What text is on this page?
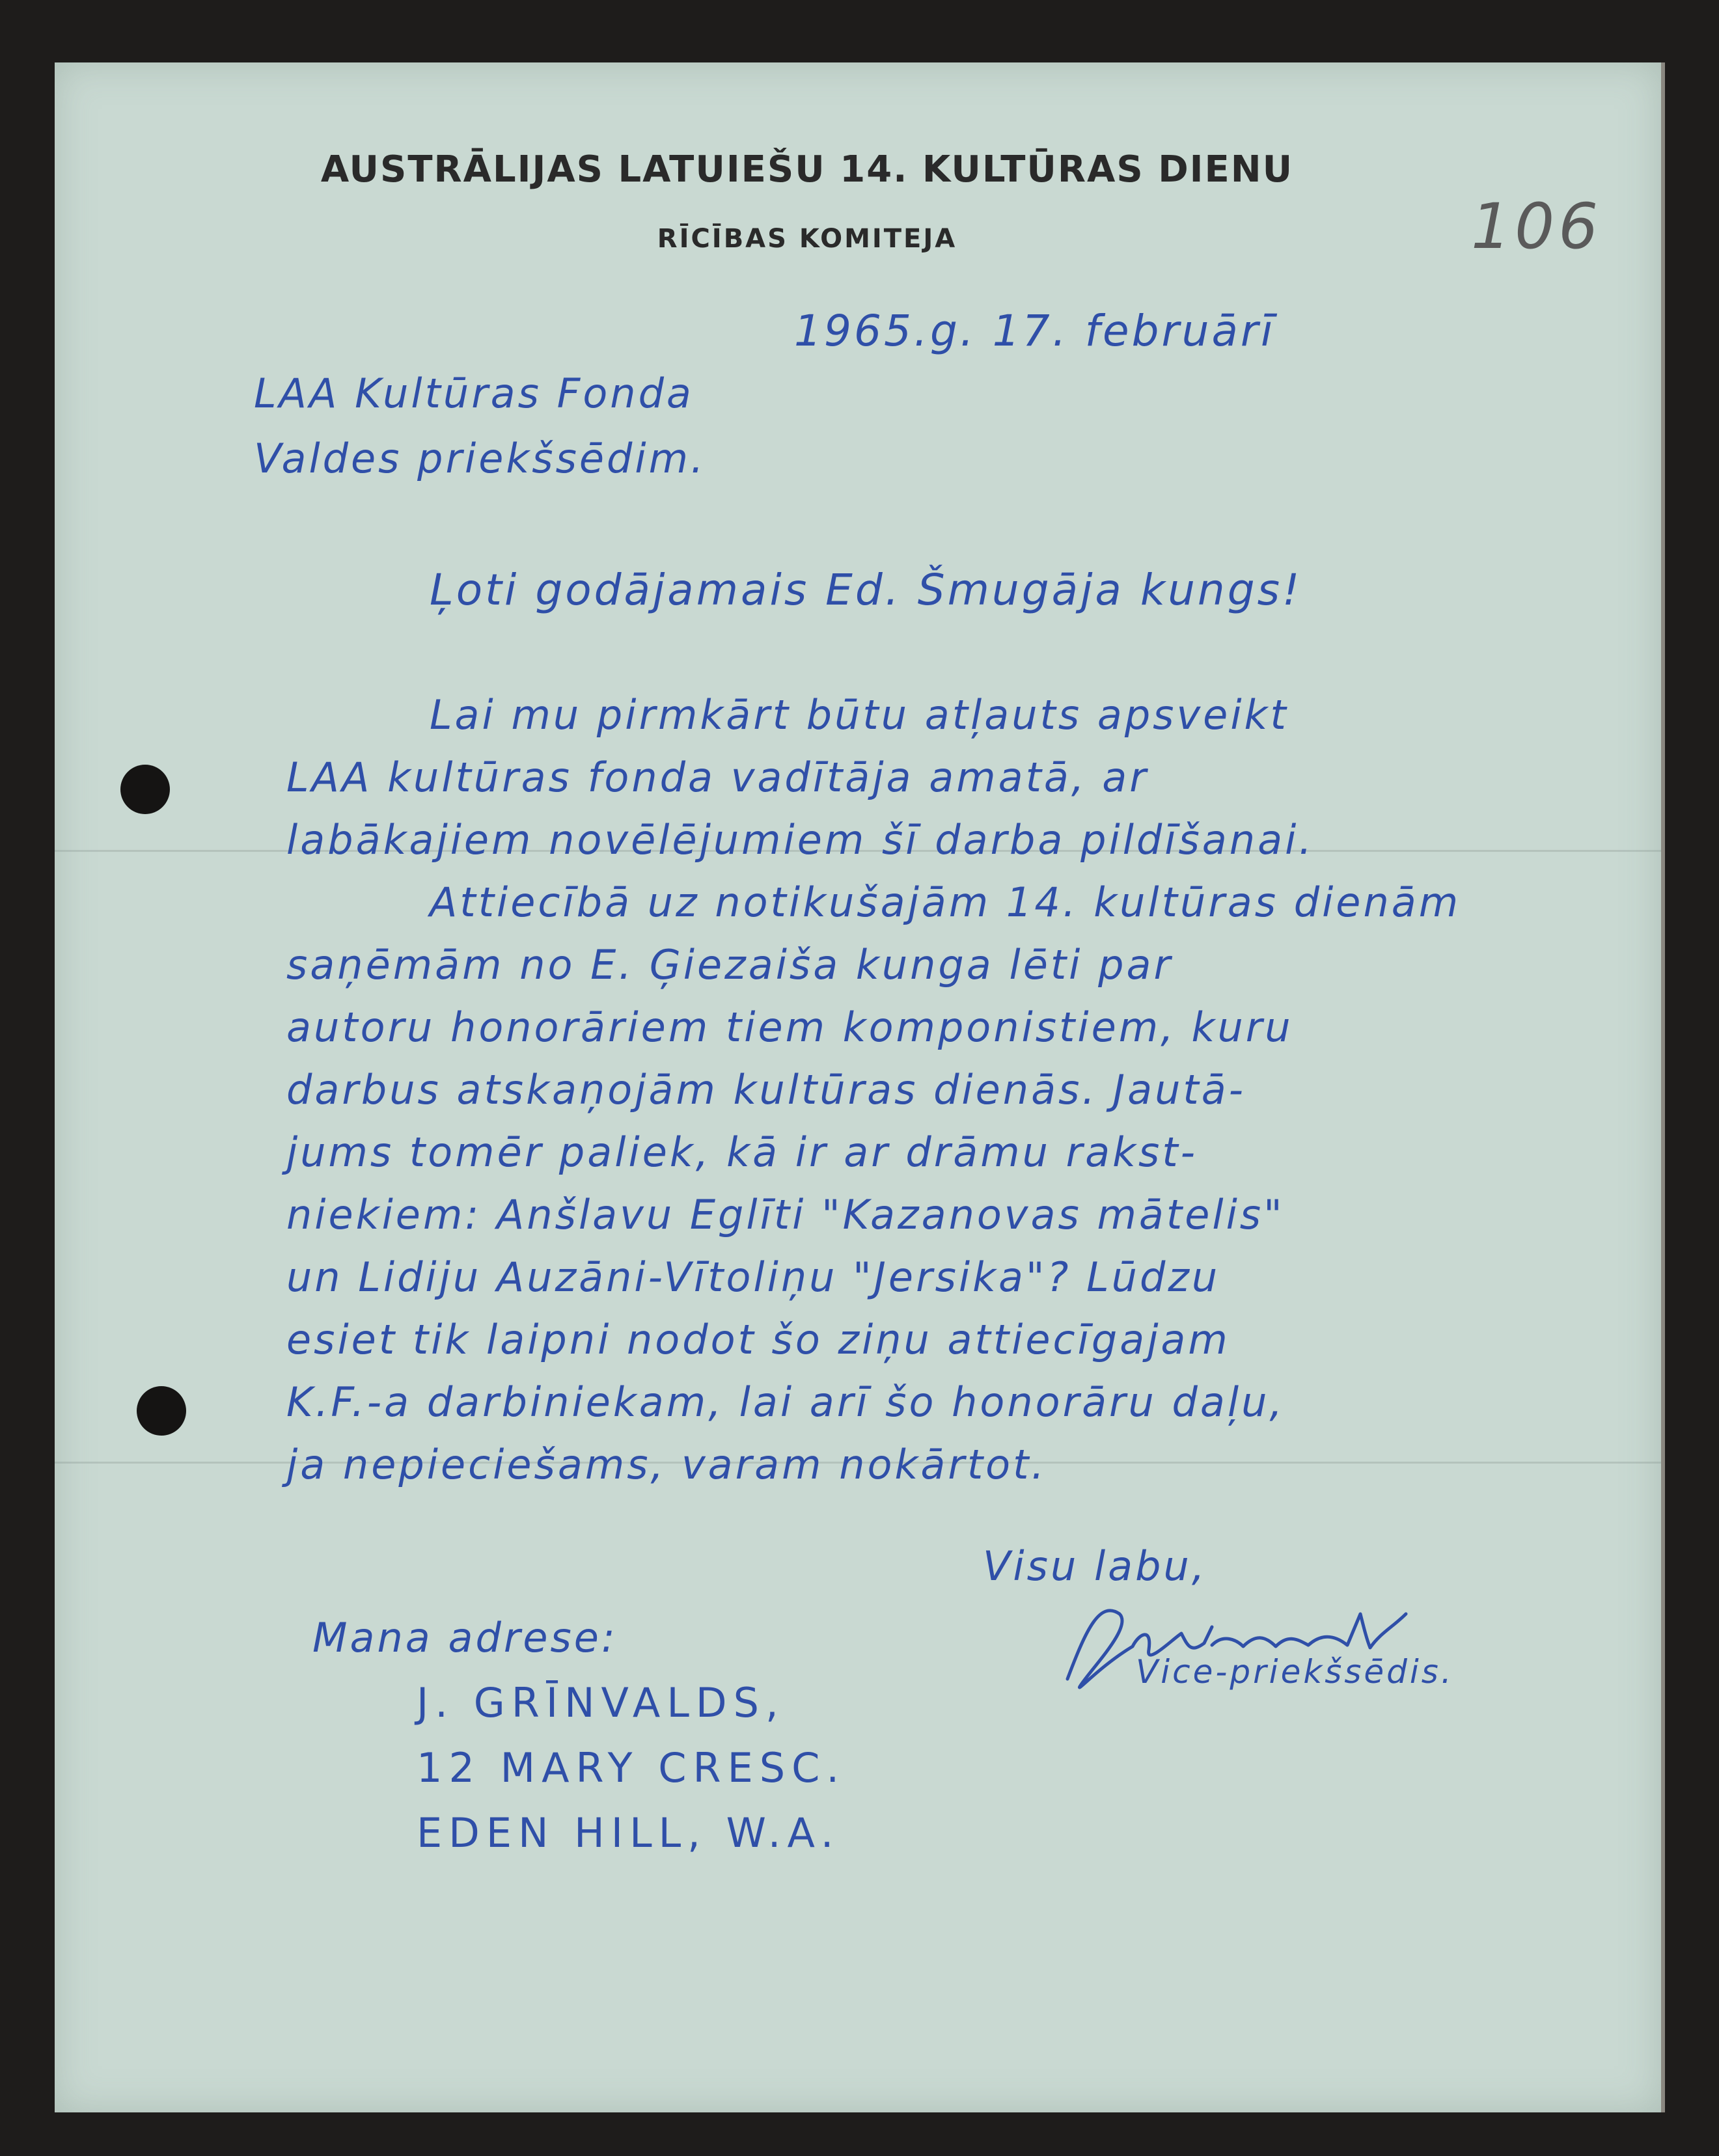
AUSTRĀLIJAS LATUIEŠU 14. KULTŪRAS DIENU
RĪCĪBAS KOMITEJA	106
1965.g. 17. februārī
LAA Kultūras Fonda
Valdes priekšsēdim.
Ļoti godājamais Ed. Šmugāja kungs!
Lai mu pirmkārt būtu atļauts apsveikt
LAA kultūras fonda vadītāja amatā, ar
labākajiem novēlējumiem šī darba pildīšanai.
Attiecībā uz notikušajām 14. kultūras dienām
saņēmām no E. Ģiezaiša kunga lēti par
autoru honorāriem tiem komponistiem, kuru
darbus atskaņojām kultūras dienās. Jautā-
jums tomēr paliek, kā ir ar drāmu rakst-
niekiem: Anšlavu Eglīti "Kazanovas mātelis"
un Lidiju Auzāni-Vītoliņu "Jersika"? Lūdzu
esiet tik laipni nodot šo ziņu attiecīgajam
K.F.-a darbiniekam, lai arī šo honorāru daļu,
ja nepieciešams, varam nokārtot.
Visu labu,
Vice-priekšsēdis.
Mana adrese:
J. GRĪNVALDS,
12 MARY CRESC.
EDEN HILL, W.A.
